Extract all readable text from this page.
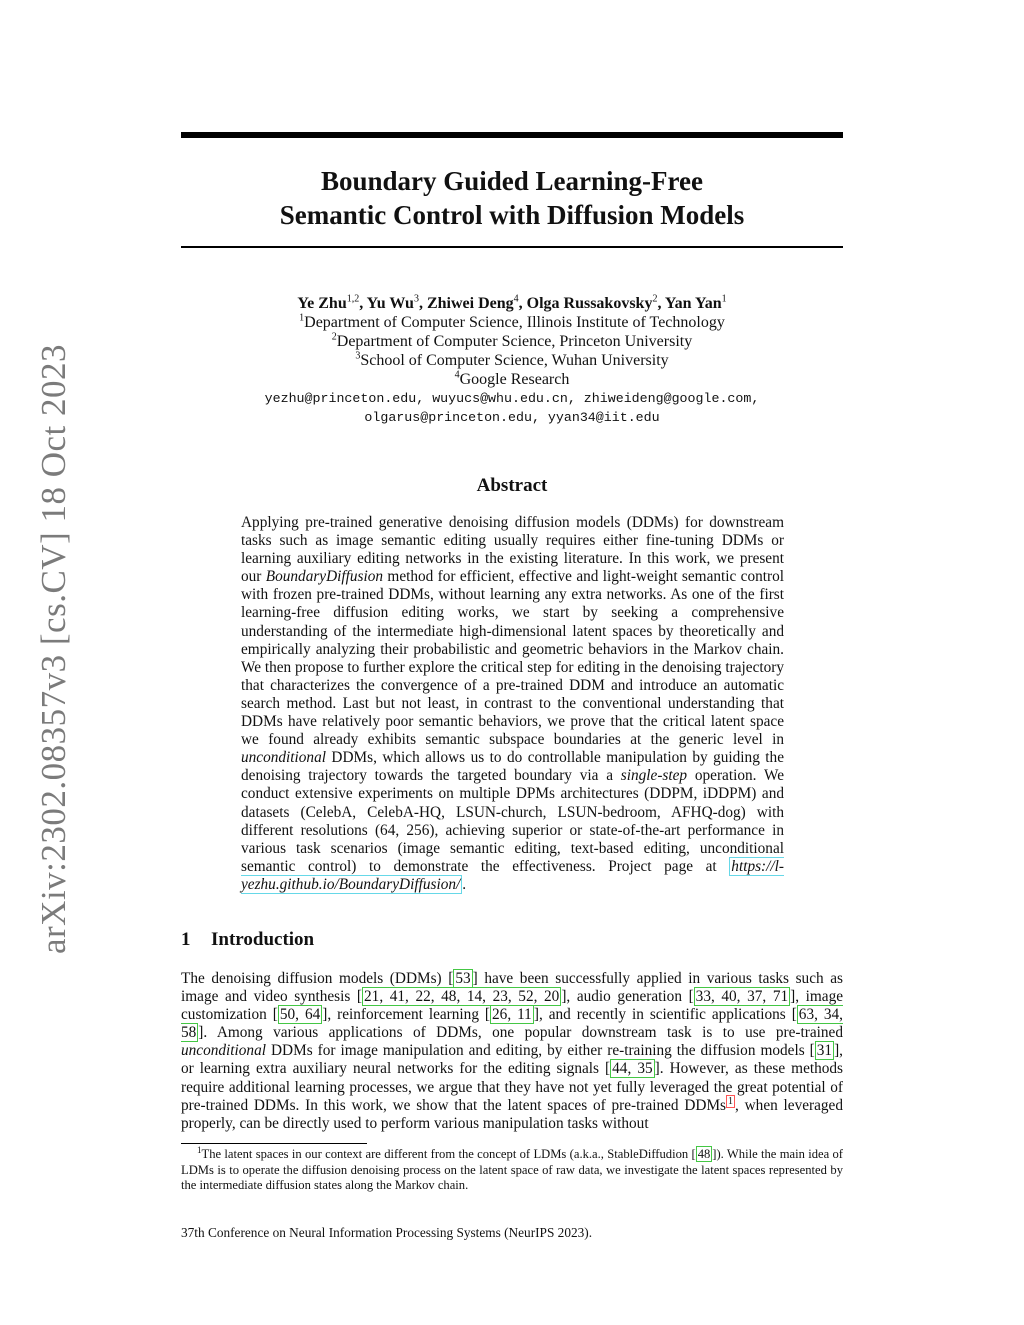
arXiv:2302.08357v3 [cs.CV] 18 Oct 2023
Boundary Guided Learning-Free
Semantic Control with Diffusion Models
Ye Zhu$^{1,2}$, Yu Wu$^3$, Zhiwei Deng$^4$, Olga Russakovsky$^2$, Yan Yan$^1$
$^1$Department of Computer Science, Illinois Institute of Technology
$^2$Department of Computer Science, Princeton University
$^3$School of Computer Science, Wuhan University
$^4$Google Research
yezhu@princeton.edu, wuyucs@whu.edu.cn, zhiweideng@google.com,
olgarus@princeton.edu, yyan34@iit.edu
Abstract

Applying pre-trained generative denoising diffusion models (DDMs) for downstream tasks such as image semantic editing usually requires either fine-tuning DDMs or learning auxiliary editing networks in the existing literature. In this work, we present our BoundaryDiffusion method for efficient, effective and light-weight semantic control with frozen pre-trained DDMs, without learning any extra networks. As one of the first learning-free diffusion editing works, we start by seeking a comprehensive understanding of the intermediate high-dimensional latent spaces by theoretically and empirically analyzing their probabilistic and geometric behaviors in the Markov chain. We then propose to further explore the critical step for editing in the denoising trajectory that characterizes the convergence of a pre-trained DDM and introduce an automatic search method. Last but not least, in contrast to the conventional understanding that DDMs have relatively poor semantic behaviors, we prove that the critical latent space we found already exhibits semantic subspace boundaries at the generic level in unconditional DDMs, which allows us to do controllable manipulation by guiding the denoising trajectory towards the targeted boundary via a single-step operation. We conduct extensive experiments on multiple DPMs architectures (DDPM, iDDPM) and datasets (CelebA, CelebA-HQ, LSUN-church, LSUN-bedroom, AFHQ-dog) with different resolutions (64, 256), achieving superior or state-of-the-art performance in various task scenarios (image semantic editing, text-based editing, unconditional semantic control) to demonstrate the effectiveness. Project page at https://l-yezhu.github.io/BoundaryDiffusion/ .

1 Introduction

The denoising diffusion models (DDMs) [ 53 ] have been successfully applied in various tasks such as image and video synthesis [ 21, 41, 22, 48, 14, 23, 52, 20 ], audio generation [ 33, 40, 37, 71 ], image customization [ 50, 64 ], reinforcement learning [ 26, 11 ], and recently in scientific applications [ 63, 34, 58 ]. Among various applications of DDMs, one popular downstream task is to use pre-trained unconditional DDMs for image manipulation and editing, by either re-training the diffusion models [ 31 ], or learning extra auxiliary neural networks for the editing signals [ 44, 35 ]. However, as these methods require additional learning processes, we argue that they have not yet fully leveraged the great potential of pre-trained DDMs. In this work, we show that the latent spaces of pre-trained DDMs $^1$ , when leveraged properly, can be directly used to perform various manipulation tasks without

$^1$The latent spaces in our context are different from the concept of LDMs (a.k.a., StableDiffudion [ 48 ]). While the main idea of LDMs is to operate the diffusion denoising process on the latent space of raw data, we investigate the latent spaces represented by the intermediate diffusion states along the Markov chain.

37th Conference on Neural Information Processing Systems (NeurIPS 2023).
